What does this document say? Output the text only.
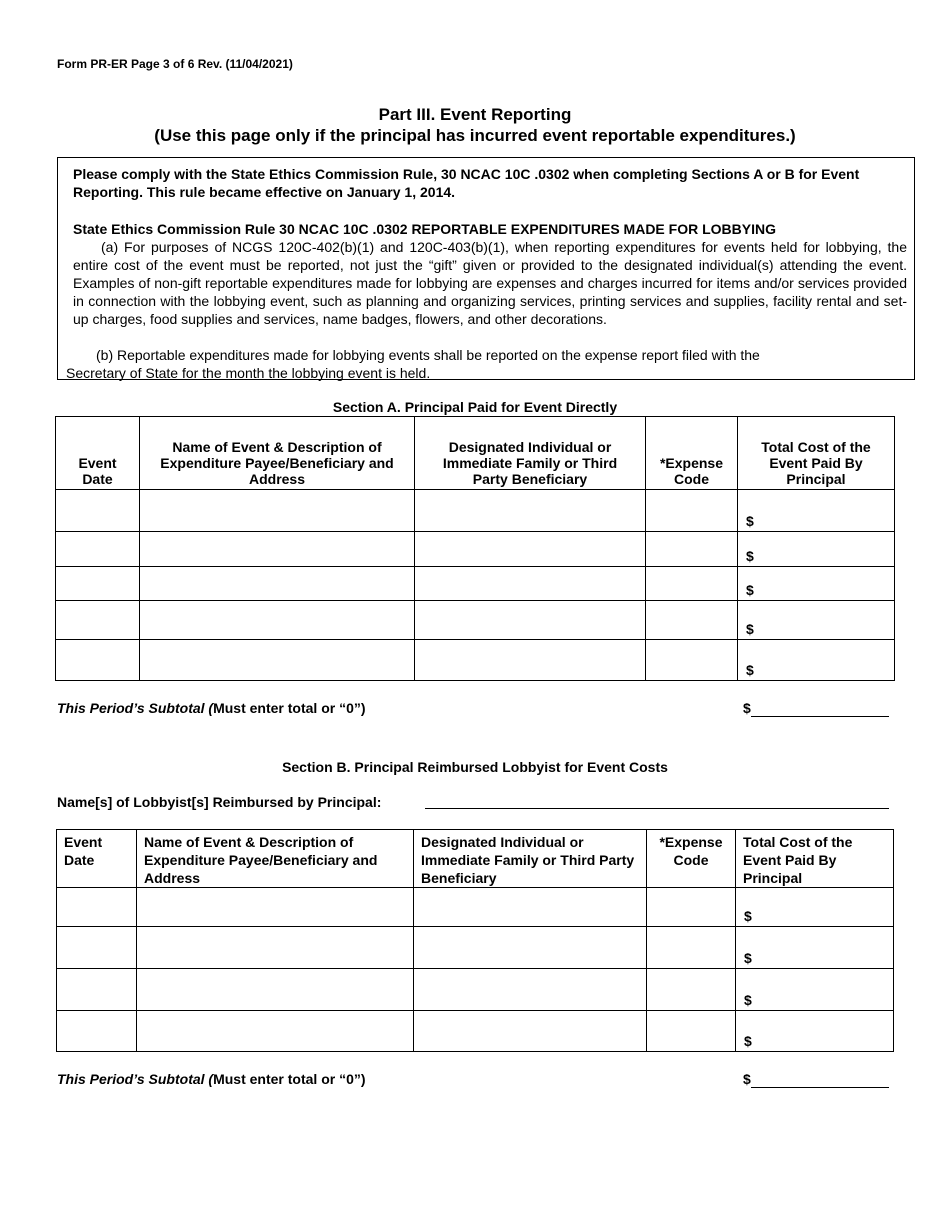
Form PR-ER Page 3 of 6 Rev. (11/04/2021)
Part III. Event Reporting
(Use this page only if the principal has incurred event reportable expenditures.)

Please comply with the State Ethics Commission Rule, 30 NCAC 10C .0302 when completing Sections A or B for Event Reporting. This rule became effective on January 1, 2014.

State Ethics Commission Rule 30 NCAC 10C .0302 REPORTABLE EXPENDITURES MADE FOR LOBBYING

(a) For purposes of NCGS 120C-402(b)(1) and 120C-403(b)(1), when reporting expenditures for events held for lobbying, the entire cost of the event must be reported, not just the “gift” given or provided to the designated individual(s) attending the event. Examples of non-gift reportable expenditures made for lobbying are expenses and charges incurred for items and/or services provided in connection with the lobbying event, such as planning and organizing services, printing services and supplies, facility rental and set-up charges, food supplies and services, name badges, flowers, and other decorations.

(b) Reportable expenditures made for lobbying events shall be reported on the expense report filed with the

Secretary of State for the month the lobbying event is held.

Section A. Principal Paid for Event Directly
Event Date	Name of Event & Description of Expenditure Payee/Beneficiary and Address	Designated Individual or Immediate Family or Third Party Beneficiary	*Expense Code	Total Cost of the Event Paid By Principal
				$
				$
				$
				$
				$
This Period’s Subtotal (Must enter total or “0”)	$
Section B. Principal Reimbursed Lobbyist for Event Costs
Name[s] of Lobbyist[s] Reimbursed by Principal:
Event Date	Name of Event & Description of Expenditure Payee/Beneficiary and Address	Designated Individual or Immediate Family or Third Party Beneficiary	*Expense Code	Total Cost of the Event Paid By Principal
				$
				$
				$
				$
This Period’s Subtotal (Must enter total or “0”)	$
